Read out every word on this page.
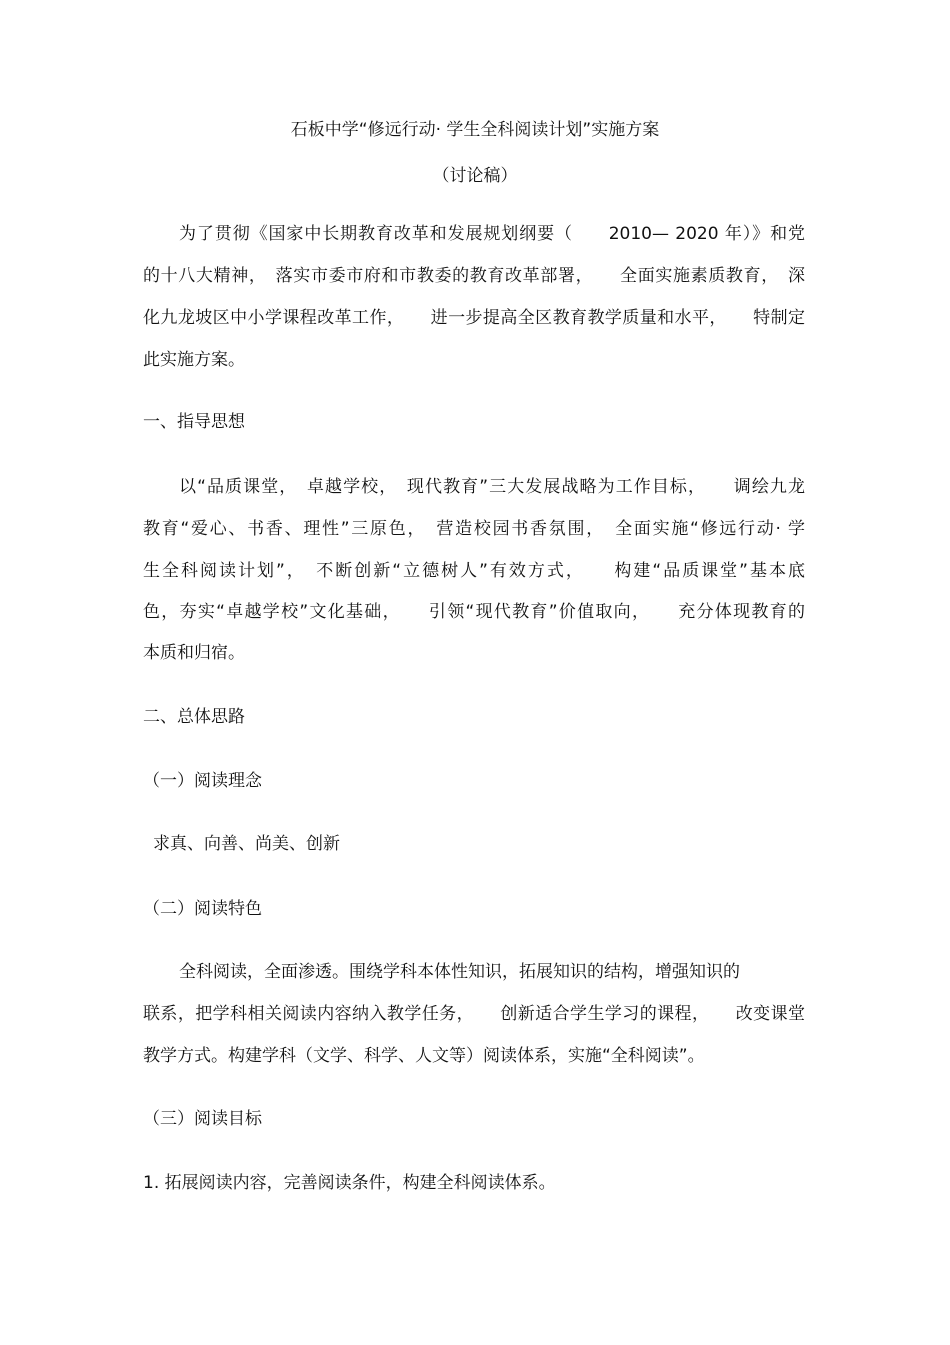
石板中学“修远行动· 学生全科阅读计划”实施方案
（讨论稿）
为了贯彻《国家中长期教育改革和发展规划纲要（　　2010— 2020 年）》和党
的十八大精神，　落实市委市府和市教委的教育改革部署，　　全面实施素质教育，　深
化九龙坡区中小学课程改革工作，　　进一步提高全区教育教学质量和水平，　　特制定
此实施方案。
一、指导思想
以“品质课堂，　卓越学校，　现代教育”三大发展战略为工作目标，　　调绘九龙
教育“爱心、书香、理性”三原色，　营造校园书香氛围，　全面实施“修远行动· 学
生全科阅读计划”，　不断创新“立德树人”有效方式，　　构建“品质课堂”基本底
色，夯实“卓越学校”文化基础，　　引领“现代教育”价值取向，　　充分体现教育的
本质和归宿。
二、总体思路
（一）阅读理念
求真、向善、尚美、创新
（二）阅读特色
全科阅读，全面渗透。围绕学科本体性知识，拓展知识的结构，增强知识的
联系，把学科相关阅读内容纳入教学任务，　　创新适合学生学习的课程，　　改变课堂
教学方式。构建学科（文学、科学、人文等）阅读体系，实施“全科阅读”。
（三）阅读目标
1. 拓展阅读内容，完善阅读条件，构建全科阅读体系。
